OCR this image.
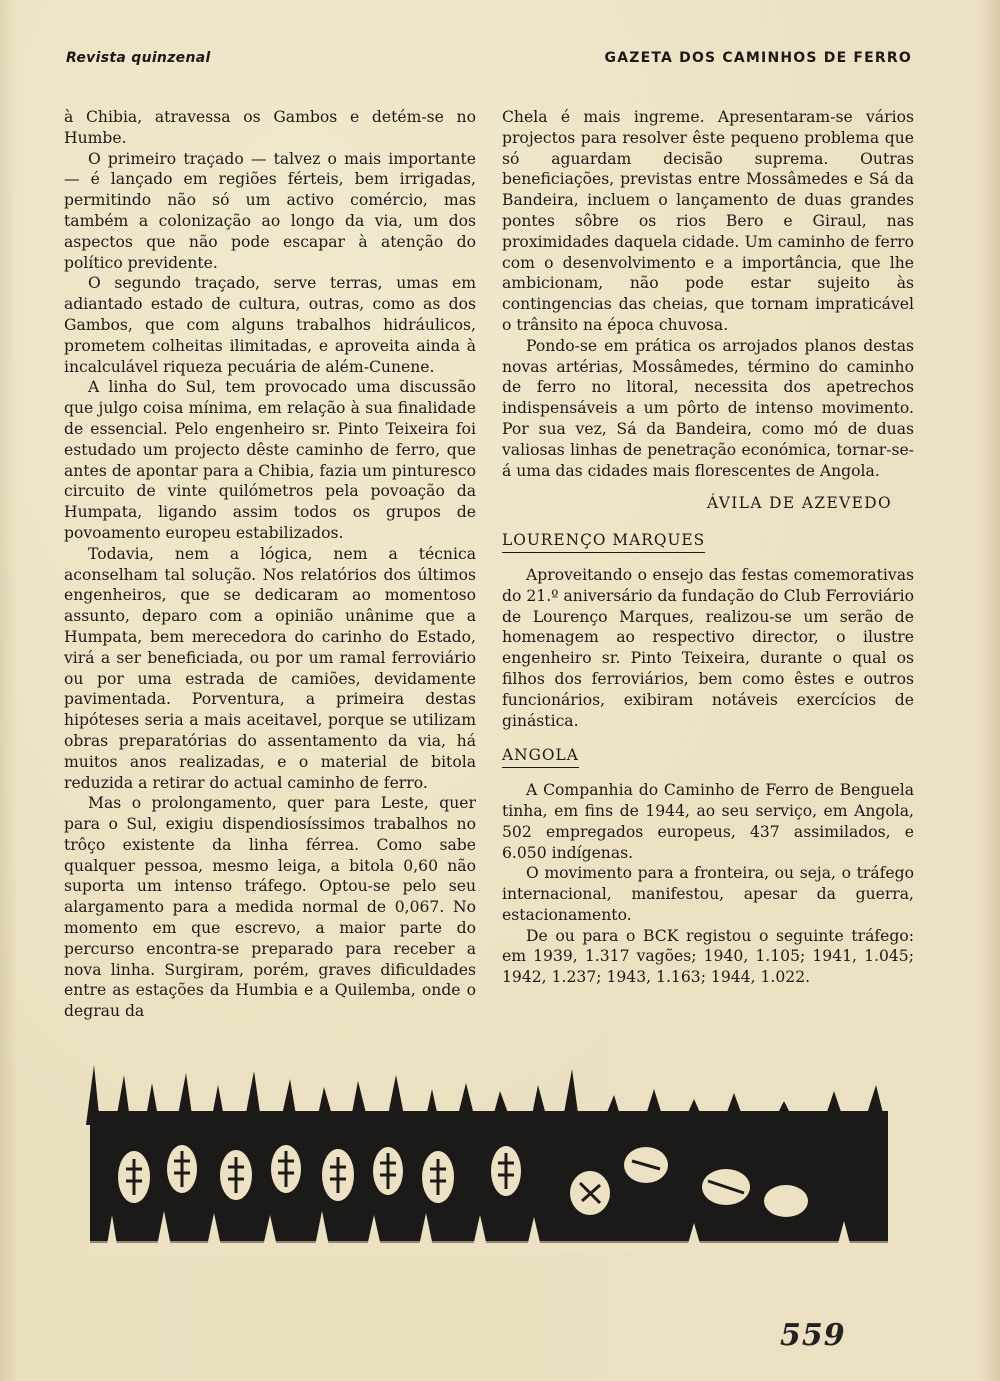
Revista quinzenal	GAZETA DOS CAMINHOS DE FERRO

à Chibia, atravessa os Gambos e detém-se no Humbe.

O primeiro traçado — talvez o mais importante — é lançado em regiões férteis, bem irrigadas, permitindo não só um activo comércio, mas também a colonização ao longo da via, um dos aspectos que não pode escapar à atenção do político previdente.

O segundo traçado, serve terras, umas em adiantado estado de cultura, outras, como as dos Gambos, que com alguns trabalhos hidráulicos, prometem colheitas ilimitadas, e aproveita ainda à incalculável riqueza pecuária de além-Cunene.

A linha do Sul, tem provocado uma discussão que julgo coisa mínima, em relação à sua finalidade de essencial. Pelo engenheiro sr. Pinto Teixeira foi estudado um projecto dêste caminho de ferro, que antes de apontar para a Chibia, fazia um pinturesco circuito de vinte quilómetros pela povoação da Humpata, ligando assim todos os grupos de povoamento europeu estabilizados.

Todavia, nem a lógica, nem a técnica aconselham tal solução. Nos relatórios dos últimos engenheiros, que se dedicaram ao momentoso assunto, deparo com a opinião unânime que a Humpata, bem merecedora do carinho do Estado, virá a ser beneficiada, ou por um ramal ferroviário ou por uma estrada de camiões, devidamente pavimentada. Porventura, a primeira destas hipóteses seria a mais aceitavel, porque se utilizam obras preparatórias do assentamento da via, há muitos anos realizadas, e o material de bitola reduzida a retirar do actual caminho de ferro.

Mas o prolongamento, quer para Leste, quer para o Sul, exigiu dispendiosíssimos trabalhos no trôço existente da linha férrea. Como sabe qualquer pessoa, mesmo leiga, a bitola 0,60 não suporta um intenso tráfego. Optou-se pelo seu alargamento para a medida normal de 0,067. No momento em que escrevo, a maior parte do percurso encontra-se preparado para receber a nova linha. Surgiram, porém, graves dificuldades entre as estações da Humbia e a Quilemba, onde o degrau da

Chela é mais ingreme. Apresentaram-se vários projectos para resolver êste pequeno problema que só aguardam decisão suprema. Outras beneficiações, previstas entre Mossâmedes e Sá da Bandeira, incluem o lançamento de duas grandes pontes sôbre os rios Bero e Giraul, nas proximidades daquela cidade. Um caminho de ferro com o desenvolvimento e a importância, que lhe ambicionam, não pode estar sujeito às contingencias das cheias, que tornam impraticável o trânsito na época chuvosa.

Pondo-se em prática os arrojados planos destas novas artérias, Mossâmedes, término do caminho de ferro no litoral, necessita dos apetrechos indispensáveis a um pôrto de intenso movimento. Por sua vez, Sá da Bandeira, como mó de duas valiosas linhas de penetração económica, tornar-se-á uma das cidades mais florescentes de Angola.

ÁVILA DE AZEVEDO
LOURENÇO MARQUES

Aproveitando o ensejo das festas comemorativas do 21.º aniversário da fundação do Club Ferroviário de Lourenço Marques, realizou-se um serão de homenagem ao respectivo director, o ilustre engenheiro sr. Pinto Teixeira, durante o qual os filhos dos ferroviários, bem como êstes e outros funcionários, exibiram notáveis exercícios de ginástica.

ANGOLA

A Companhia do Caminho de Ferro de Benguela tinha, em fins de 1944, ao seu serviço, em Angola, 502 empregados europeus, 437 assimilados, e 6.050 indígenas.

O movimento para a fronteira, ou seja, o tráfego internacional, manifestou, apesar da guerra, estacionamento.

De ou para o BCK registou o seguinte tráfego: em 1939, 1.317 vagões; 1940, 1.105; 1941, 1.045; 1942, 1.237; 1943, 1.163; 1944, 1.022.

559
